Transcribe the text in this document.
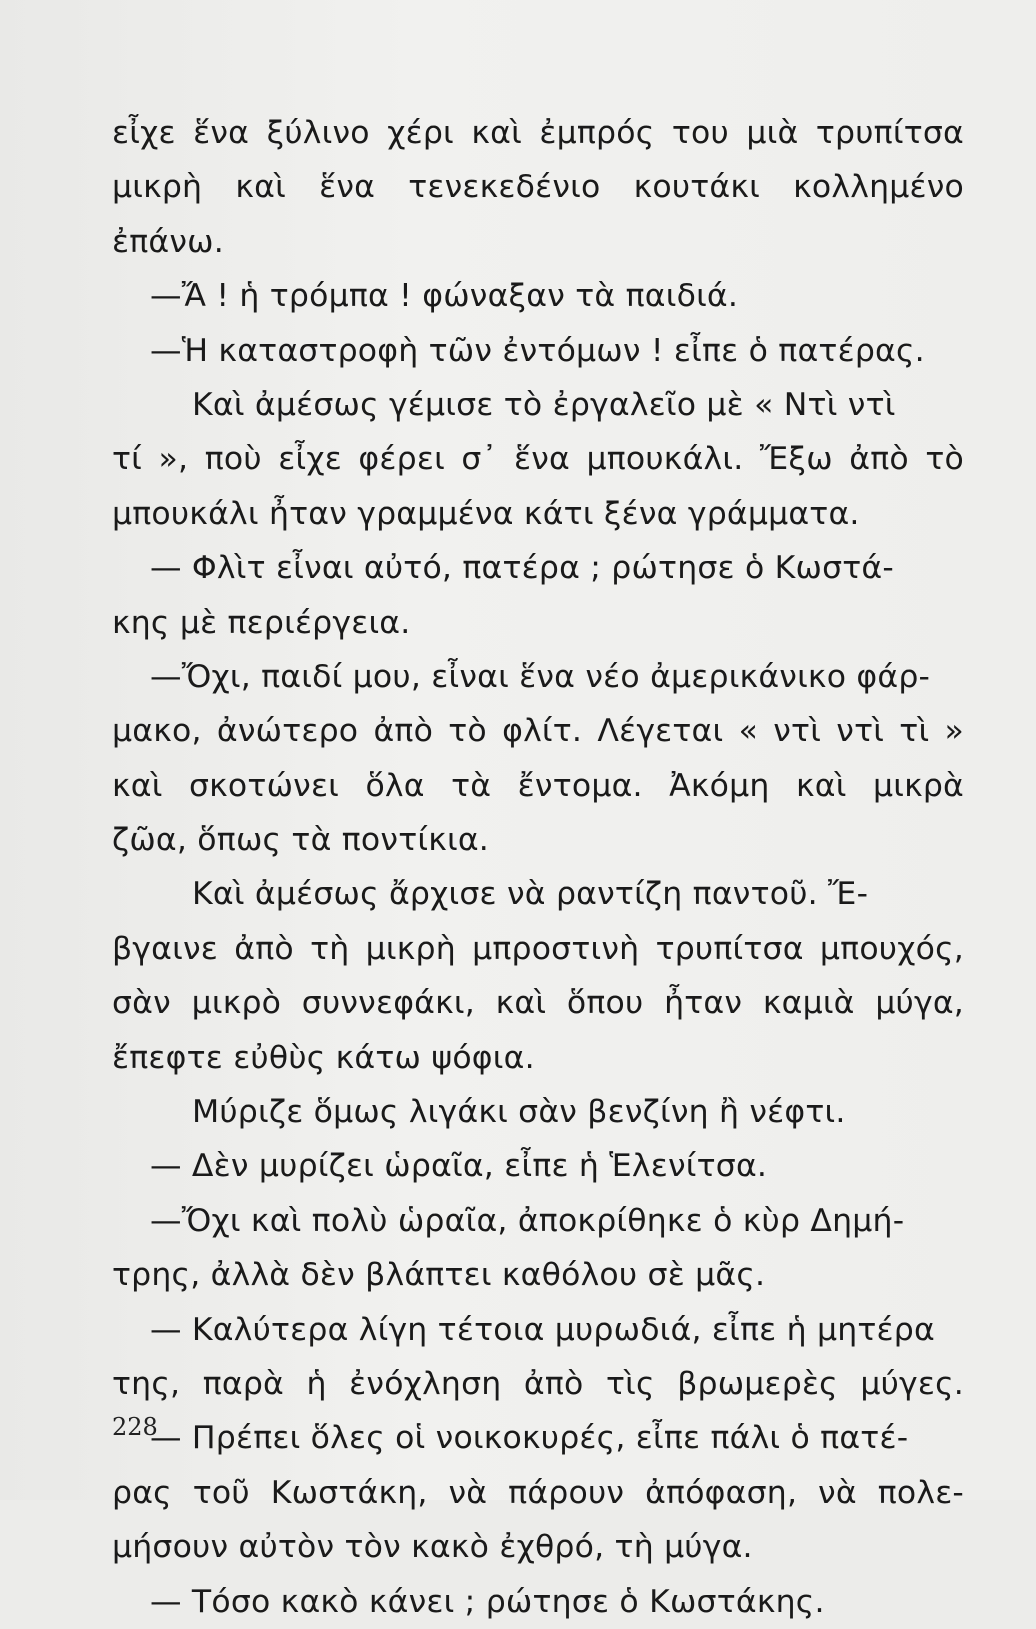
εἶχε ἕνα ξύλινο χέρι καὶ ἐμπρός του μιὰ τρυπίτσα
μικρὴ καὶ ἕνα τενεκεδένιο κουτάκι κολλημένο
ἐπάνω.
—Ἄ ! ἡ τρόμπα ! φώναξαν τὰ παιδιά.
—Ἡ καταστροφὴ τῶν ἐντόμων ! εἶπε ὁ πατέρας.
Καὶ ἀμέσως γέμισε τὸ ἐργαλεῖο μὲ « Ντὶ ντὶ
τί », ποὺ εἶχε φέρει σ᾽ ἕνα μπουκάλι. Ἔξω ἀπὸ τὸ
μπουκάλι ἦταν γραμμένα κάτι ξένα γράμματα.
— Φλὶτ εἶναι αὐτό, πατέρα ; ρώτησε ὁ Κωστά-
κης μὲ περιέργεια.
—Ὄχι, παιδί μου, εἶναι ἕνα νέο ἀμερικάνικο φάρ-
μακο, ἀνώτερο ἀπὸ τὸ φλίτ. Λέγεται « ντὶ ντὶ τὶ »
καὶ σκοτώνει ὅλα τὰ ἔντομα. Ἀκόμη καὶ μικρὰ
ζῶα, ὅπως τὰ ποντίκια.
Καὶ ἀμέσως ἄρχισε νὰ ραντίζη παντοῦ. Ἔ-
βγαινε ἀπὸ τὴ μικρὴ μπροστινὴ τρυπίτσα μπουχός,
σὰν μικρὸ συννεφάκι, καὶ ὅπου ἦταν καμιὰ μύγα,
ἔπεφτε εὐθὺς κάτω ψόφια.
Μύριζε ὅμως λιγάκι σὰν βενζίνη ἢ νέφτι.
— Δὲν μυρίζει ὡραῖα, εἶπε ἡ Ἑλενίτσα.
—Ὄχι καὶ πολὺ ὡραῖα, ἀποκρίθηκε ὁ κὺρ Δημή-
τρης, ἀλλὰ δὲν βλάπτει καθόλου σὲ μᾶς.
— Καλύτερα λίγη τέτοια μυρωδιά, εἶπε ἡ μητέρα
της, παρὰ ἡ ἐνόχληση ἀπὸ τὶς βρωμερὲς μύγες.
— Πρέπει ὅλες οἱ νοικοκυρές, εἶπε πάλι ὁ πατέ-
ρας τοῦ Κωστάκη, νὰ πάρουν ἀπόφαση, νὰ πολε-
μήσουν αὐτὸν τὸν κακὸ ἐχθρό, τὴ μύγα.
— Τόσο κακὸ κάνει ; ρώτησε ὁ Κωστάκης.
228
